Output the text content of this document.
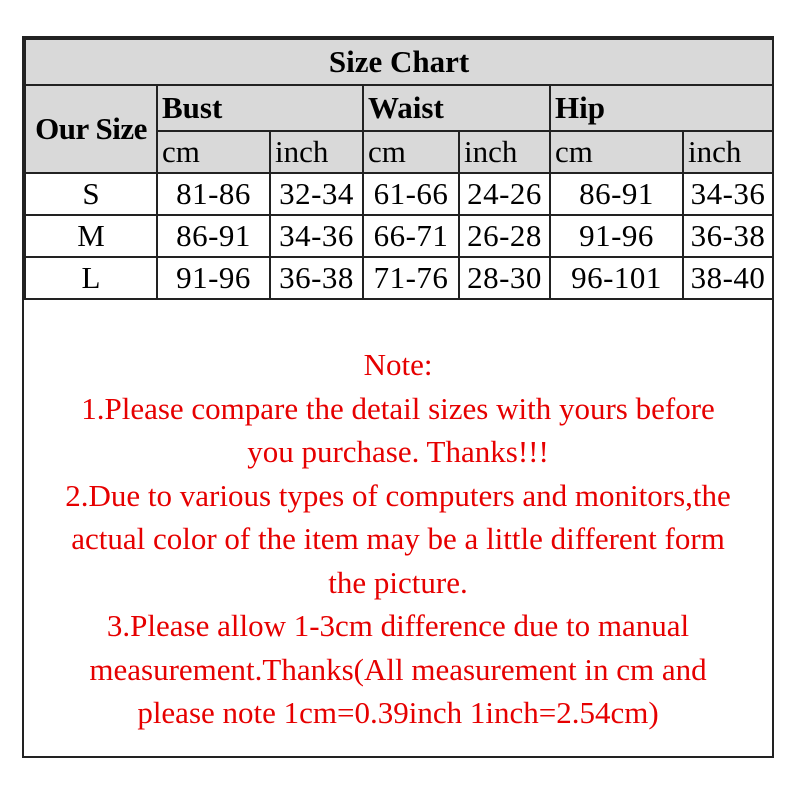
Size Chart						
Our Size	Bust		Waist		Hip	
	cm	inch	cm	inch	cm	inch
S	81-86	32-34	61-66	24-26	86-91	34-36
M	86-91	34-36	66-71	26-28	91-96	36-38
L	91-96	36-38	71-76	28-30	96-101	38-40
Note:
1.Please compare the detail sizes with yours before
you purchase. Thanks!!!
2.Due to various types of computers and monitors,the
actual color of the item may be a little different form
the picture.
3.Please allow 1-3cm difference due to manual
measurement.Thanks(All measurement in cm and
please note 1cm=0.39inch 1inch=2.54cm)
